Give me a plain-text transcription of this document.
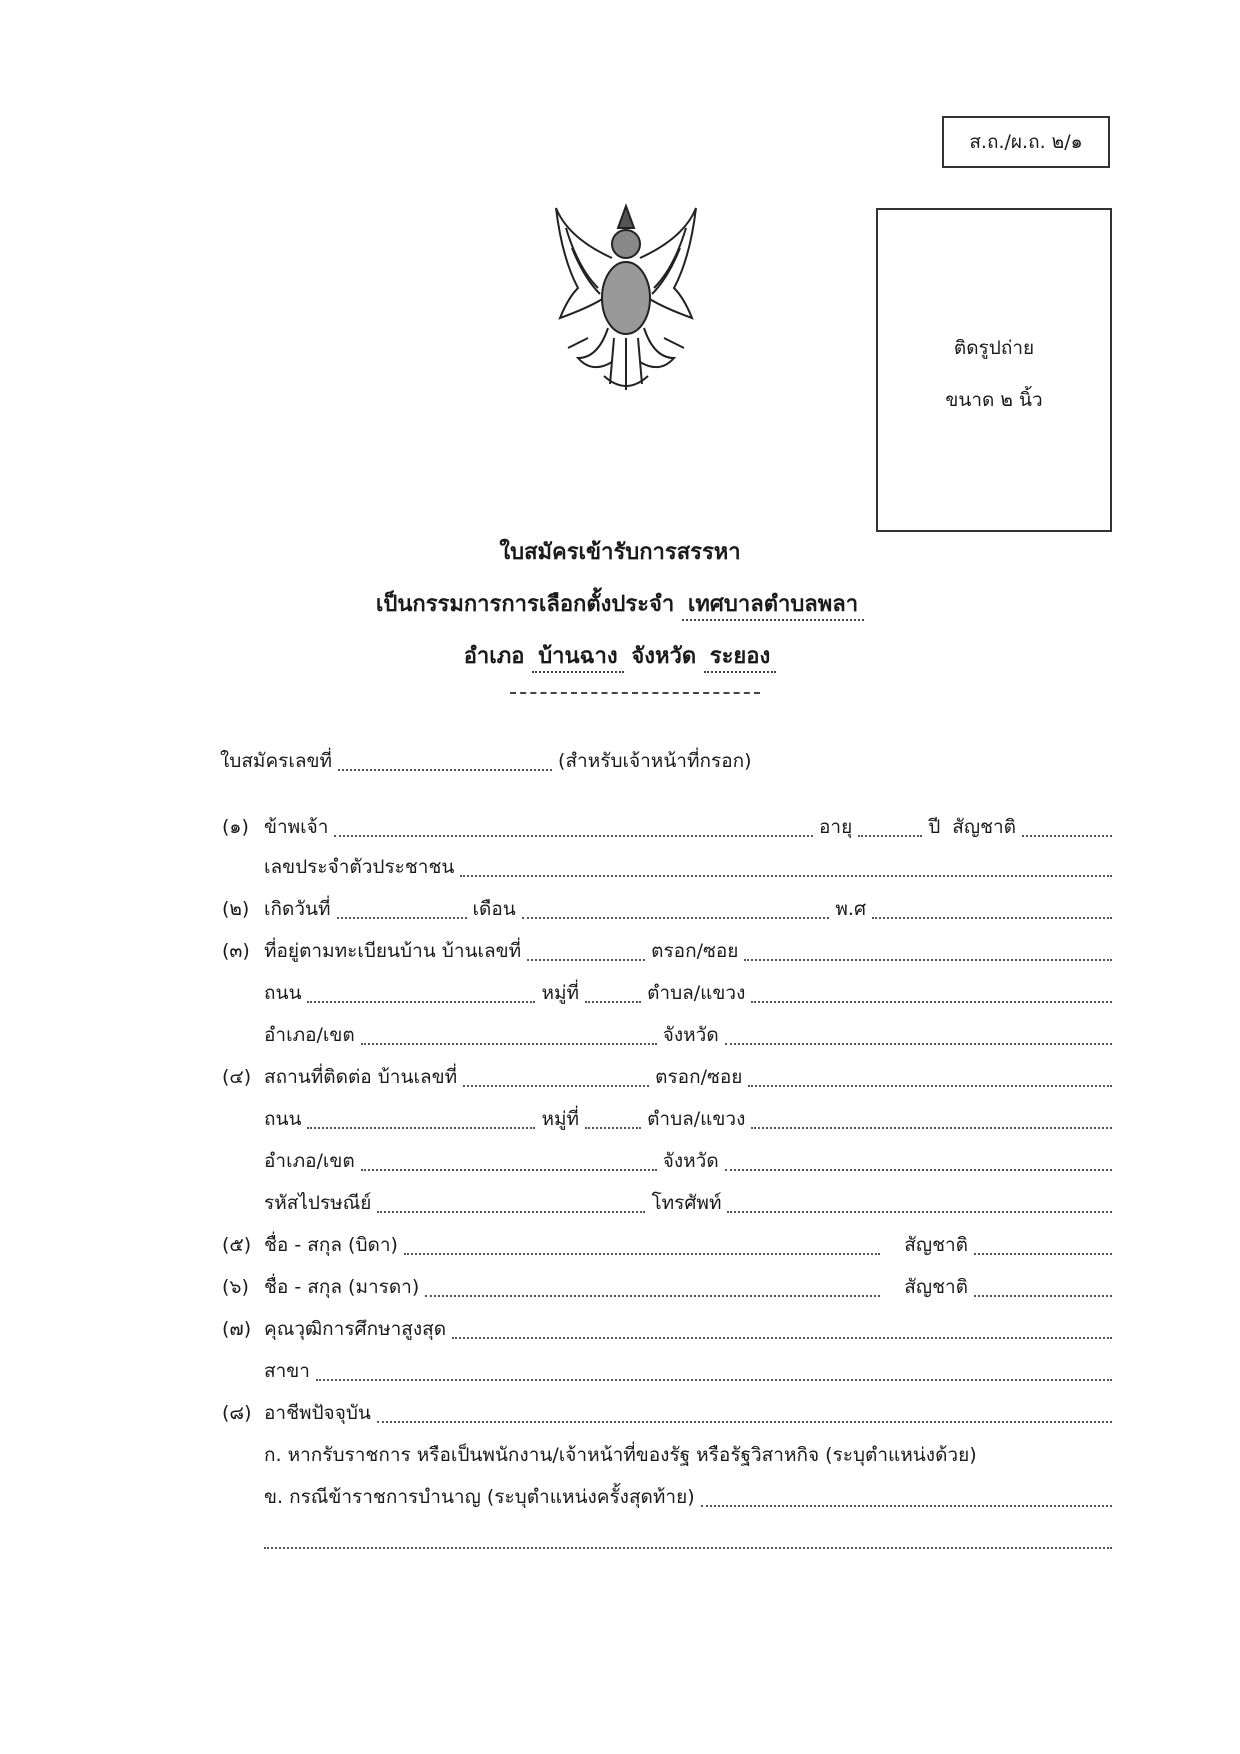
ส.ถ./ผ.ถ. ๒/๑
ติดรูปถ่าย
ขนาด ๒ นิ้ว
ใบสมัครเข้ารับการสรรหา
เป็นกรรมการการเลือกตั้งประจำ เทศบาลตำบลพลา
อำเภอ บ้านฉาง จังหวัด ระยอง
ใบสมัครเลขที่	(สำหรับเจ้าหน้าที่กรอก)
(๑) ข้าพเจ้า	อายุ	ปี สัญชาติ
เลขประจำตัวประชาชน
(๒) เกิดวันที่	เดือน	พ.ศ
(๓) ที่อยู่ตามทะเบียนบ้าน บ้านเลขที่	ตรอก/ซอย
ถนน	หมู่ที่	ตำบล/แขวง
อำเภอ/เขต	จังหวัด
(๔) สถานที่ติดต่อ บ้านเลขที่	ตรอก/ซอย
ถนน	หมู่ที่	ตำบล/แขวง
อำเภอ/เขต	จังหวัด
รหัสไปรษณีย์	โทรศัพท์
(๕) ชื่อ - สกุล (บิดา)	สัญชาติ
(๖) ชื่อ - สกุล (มารดา)	สัญชาติ
(๗) คุณวุฒิการศึกษาสูงสุด
สาขา
(๘) อาชีพปัจจุบัน
ก. หากรับราชการ หรือเป็นพนักงาน/เจ้าหน้าที่ของรัฐ หรือรัฐวิสาหกิจ (ระบุตำแหน่งด้วย)
ข. กรณีข้าราชการบำนาญ (ระบุตำแหน่งครั้งสุดท้าย)
